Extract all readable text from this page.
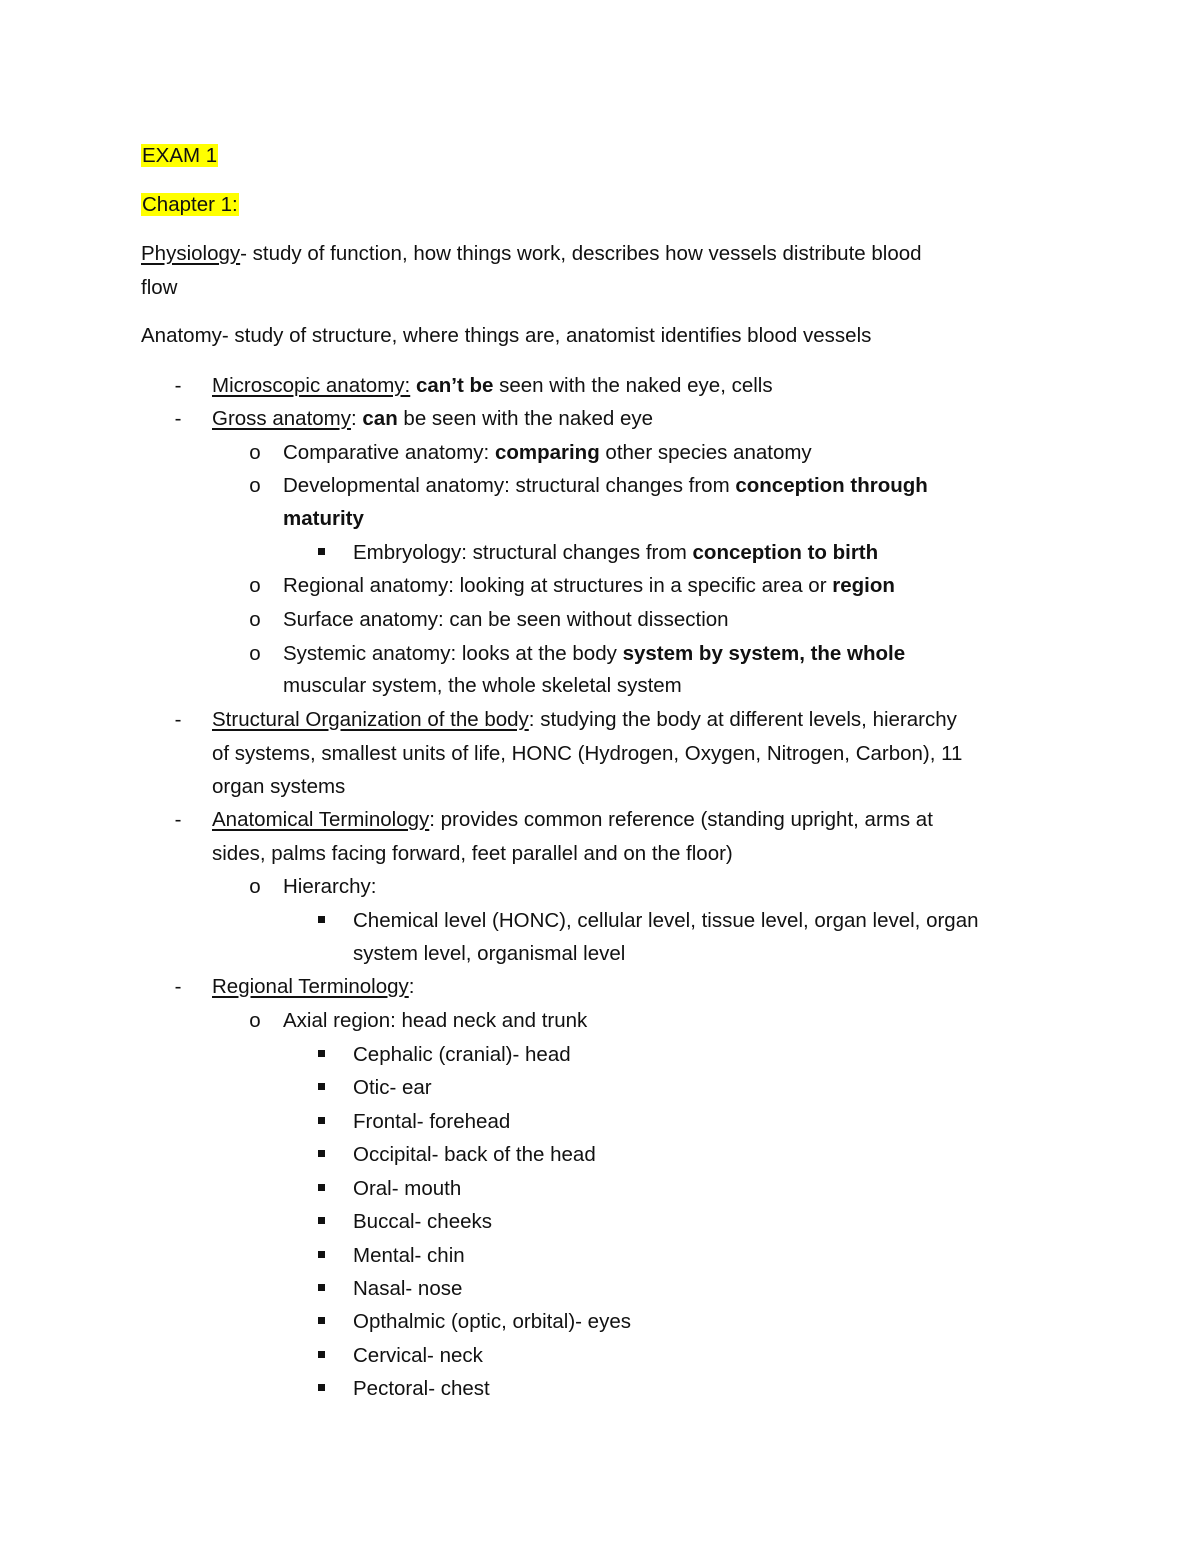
EXAM 1
Chapter 1:
Physiology- study of function, how things work, describes how vessels distribute blood
flow
Anatomy- study of structure, where things are, anatomist identifies blood vessels
-	Microscopic anatomy: can’t be seen with the naked eye, cells
-	Gross anatomy: can be seen with the naked eye
o	Comparative anatomy: comparing other species anatomy
o	Developmental anatomy: structural changes from conception through
maturity
Embryology: structural changes from conception to birth
o	Regional anatomy: looking at structures in a specific area or region
o	Surface anatomy: can be seen without dissection
o	Systemic anatomy: looks at the body system by system, the whole
muscular system, the whole skeletal system
-	Structural Organization of the body: studying the body at different levels, hierarchy
of systems, smallest units of life, HONC (Hydrogen, Oxygen, Nitrogen, Carbon), 11
organ systems
-	Anatomical Terminology: provides common reference (standing upright, arms at
sides, palms facing forward, feet parallel and on the floor)
o	Hierarchy:
Chemical level (HONC), cellular level, tissue level, organ level, organ
system level, organismal level
-	Regional Terminology:
o	Axial region: head neck and trunk
Cephalic (cranial)- head
Otic- ear
Frontal- forehead
Occipital- back of the head
Oral- mouth
Buccal- cheeks
Mental- chin
Nasal- nose
Opthalmic (optic, orbital)- eyes
Cervical- neck
Pectoral- chest
